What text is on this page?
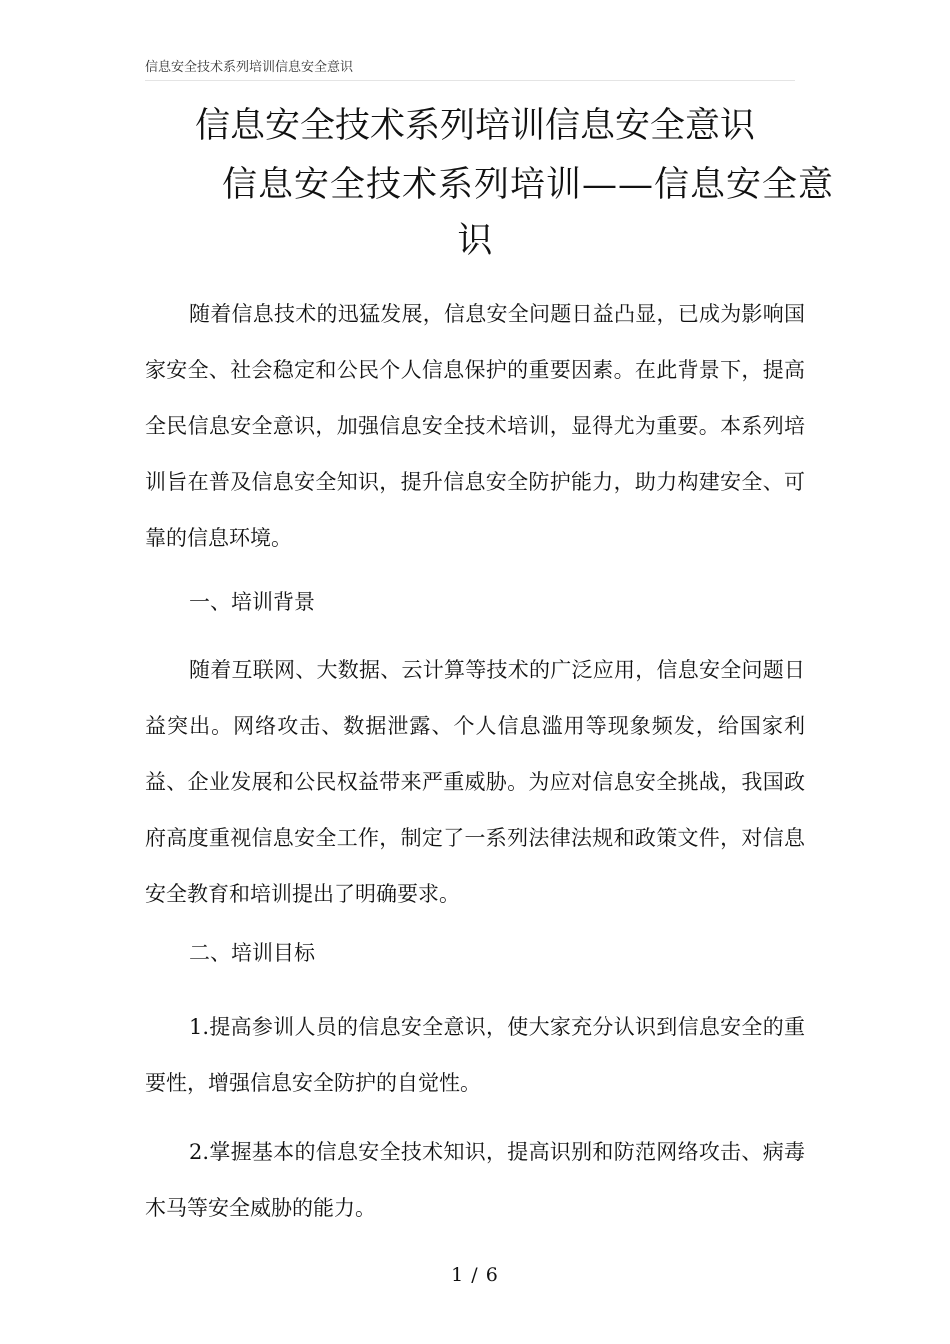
信息安全技术系列培训信息安全意识
信息安全技术系列培训信息安全意识
信息安全技术系列培训——信息安全意
识

随着信息技术的迅猛发展，信息安全问题日益凸显，已成为影响国家安全、社会稳定和公民个人信息保护的重要因素。在此背景下，提高全民信息安全意识，加强信息安全技术培训，显得尤为重要。本系列培训旨在普及信息安全知识，提升信息安全防护能力，助力构建安全、可靠的信息环境。

一、培训背景

随着互联网、大数据、云计算等技术的广泛应用，信息安全问题日益突出。网络攻击、数据泄露、个人信息滥用等现象频发，给国家利益、企业发展和公民权益带来严重威胁。为应对信息安全挑战，我国政府高度重视信息安全工作，制定了一系列法律法规和政策文件，对信息安全教育和培训提出了明确要求。

二、培训目标

1.提高参训人员的信息安全意识，使大家充分认识到信息安全的重要性，增强信息安全防护的自觉性。

2.掌握基本的信息安全技术知识，提高识别和防范网络攻击、病毒木马等安全威胁的能力。

1 / 6
